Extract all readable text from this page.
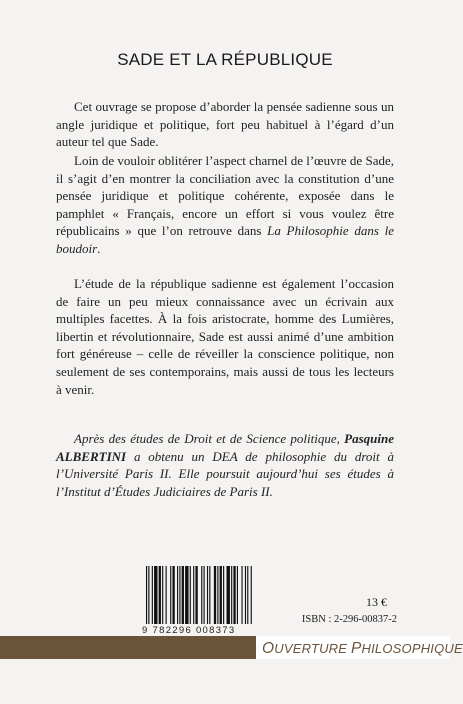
SADE ET LA RÉPUBLIQUE

Cet ouvrage se propose d’aborder la pensée sadienne sous un angle juridique et politique, fort peu habituel à l’égard d’un auteur tel que Sade.

Loin de vouloir oblitérer l’aspect charnel de l’œuvre de Sade, il s’agit d’en montrer la conciliation avec la constitution d’une pensée juridique et politique cohérente, exposée dans le pamphlet « Français, encore un effort si vous voulez être républicains » que l’on retrouve dans La Philosophie dans le boudoir.

L’étude de la république sadienne est également l’occasion de faire un peu mieux connaissance avec un écrivain aux multiples facettes. À la fois aristocrate, homme des Lumières, libertin et révolutionnaire, Sade est aussi animé d’une ambition fort généreuse – celle de réveiller la conscience politique, non seulement de ses contemporains, mais aussi de tous les lecteurs à venir.

Après des études de Droit et de Science politique, Pasquine ALBERTINI a obtenu un DEA de philosophie du droit à l’Université Paris II. Elle poursuit aujourd’hui ses études à l’Institut d’Études Judiciaires de Paris II.
9 782296 008373
13 €
ISBN : 2-296-00837-2
OUVERTURE PHILOSOPHIQUE
